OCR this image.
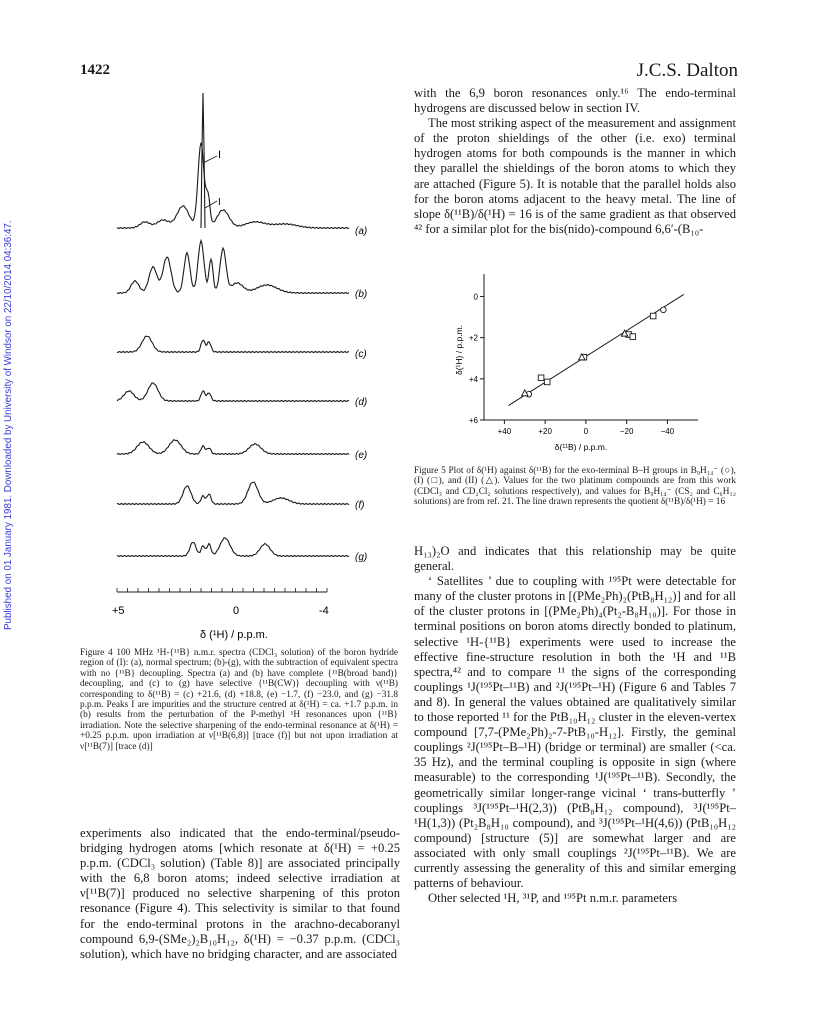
1422	J.C.S. Dalton
Published on 01 January 1981. Downloaded by University of Windsor on 22/10/2014 04:36:47.
I
I
(a)
(b)
(c)
(d)
(e)
(f)
(g)
+5	0	-4
δ (¹H) / p.p.m.
Figure 4 100 MHz ¹H-{¹¹B} n.m.r. spectra (CDCl₃ solution) of the boron hydride region of (I): (a), normal spectrum; (b)-(g), with the subtraction of equivalent spectra with no {¹¹B} decoupling. Spectra (a) and (b) have complete {¹¹B(broad band)} decoupling, and (c) to (g) have selective {¹¹B(CW)} decoupling with ν(¹¹B) corresponding to δ(¹¹B) = (c) +21.6, (d) +18.8, (e) −1.7, (f) −23.0, and (g) −31.8 p.p.m. Peaks I are impurities and the structure centred at δ(¹H) = ca. +1.7 p.p.m. in (b) results from the perturbation of the P-methyl ¹H resonances upon {¹¹B} irradiation. Note the selective sharpening of the endo-terminal resonance at δ(¹H) = +0.25 p.p.m. upon irradiation at ν[¹¹B(6,8)] [trace (f)] but not upon irradiation at ν[¹¹B(7)] [trace (d)]
experiments also indicated that the endo-terminal/pseudo-bridging hydrogen atoms [which resonate at δ(¹H) = +0.25 p.p.m. (CDCl₃ solution) (Table 8)] are associated principally with the 6,8 boron atoms; indeed selective irradiation at ν[¹¹B(7)] produced no selective sharpening of this proton resonance (Figure 4). This selectivity is similar to that found for the endo-terminal protons in the arachno-decaboranyl compound 6,9-(SMe₂)₂B₁₀H₁₂, δ(¹H) = −0.37 p.p.m. (CDCl₃ solution), which have no bridging character, and are associated

with the 6,9 boron resonances only.¹⁶ The endo-terminal hydrogens are discussed below in section IV.

The most striking aspect of the measurement and assignment of the proton shieldings of the other (i.e. exo) terminal hydrogen atoms for both compounds is the manner in which they parallel the shieldings of the boron atoms to which they are attached (Figure 5). It is notable that the parallel holds also for the boron atoms adjacent to the heavy metal. The line of slope δ(¹¹B)/δ(¹H) = 16 is of the same gradient as that observed ⁴² for a similar plot for the bis(nido)-compound 6,6′-(B₁₀-

+40	+20	0	−20	−40
0
+2
+4
+6
δ(¹¹B) / p.p.m.
δ(¹H) / p.p.m.
Figure 5 Plot of δ(¹H) against δ(¹¹B) for the exo-terminal B–H groups in B₉H₁₄⁻ (○), (I) (□), and (II) (△). Values for the two platinum compounds are from this work (CDCl₃ and CD₂Cl₂ solutions respectively), and values for B₉H₁₄⁻ (CS₂ and C₆H₁₂ solutions) are from ref. 21. The line drawn represents the quotient δ(¹¹B)/δ(¹H) = 16

H₁₃)₂O and indicates that this relationship may be quite general.

‘ Satellites ’ due to coupling with ¹⁹⁵Pt were detectable for many of the cluster protons in [(PMe₂Ph)₂(PtB₈H₁₂)] and for all of the cluster protons in [(PMe₂Ph)₄(Pt₂-B₈H₁₀)]. For those in terminal positions on boron atoms directly bonded to platinum, selective ¹H-{¹¹B} experiments were used to increase the effective fine-structure resolution in both the ¹H and ¹¹B spectra,⁴² and to compare ¹¹ the signs of the corresponding couplings ¹J(¹⁹⁵Pt–¹¹B) and ²J(¹⁹⁵Pt–¹H) (Figure 6 and Tables 7 and 8). In general the values obtained are qualitatively similar to those reported ¹¹ for the PtB₁₀H₁₂ cluster in the eleven-vertex compound [7,7-(PMe₂Ph)₂-7-PtB₁₀-H₁₂]. Firstly, the geminal couplings ²J(¹⁹⁵Pt–B–¹H) (bridge or terminal) are smaller (<ca. 35 Hz), and the terminal coupling is opposite in sign (where measurable) to the corresponding ¹J(¹⁹⁵Pt–¹¹B). Secondly, the geometrically similar longer-range vicinal ‘ trans-butterfly ’ couplings ³J(¹⁹⁵Pt–¹H(2,3)) (PtB₈H₁₂ compound), ³J(¹⁹⁵Pt–¹H(1,3)) (Pt₂B₈H₁₀ compound), and ³J(¹⁹⁵Pt–¹H(4,6)) (PtB₁₀H₁₂ compound) [structure (5)] are somewhat larger and are associated with only small couplings ²J(¹⁹⁵Pt–¹¹B). We are currently assessing the generality of this and similar emerging patterns of behaviour.

Other selected ¹H, ³¹P, and ¹⁹⁵Pt n.m.r. parameters
